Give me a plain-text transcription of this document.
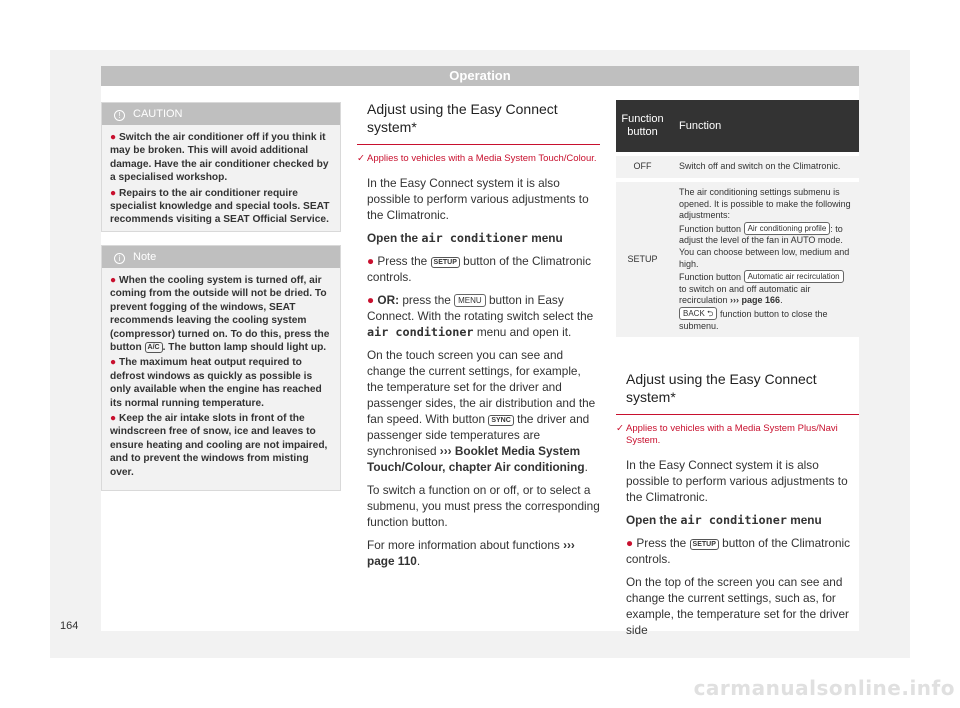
Operation
! CAUTION

● Switch the air conditioner off if you think it may be broken. This will avoid additional damage. Have the air conditioner checked by a specialised workshop.

● Repairs to the air conditioner require specialist knowledge and special tools. SEAT recommends visiting a SEAT Official Service.

i Note

● When the cooling system is turned off, air coming from the outside will not be dried. To prevent fogging of the windows, SEAT recommends leaving the cooling system (compressor) turned on. To do this, press the button A/C . The button lamp should light up.

● The maximum heat output required to defrost windows as quickly as possible is only available when the engine has reached its normal running temperature.

● Keep the air intake slots in front of the windscreen free of snow, ice and leaves to ensure heating and cooling are not impaired, and to prevent the windows from misting over.

Adjust using the Easy Connect system*
✓ Applies to vehicles with a Media System Touch/Colour.

In the Easy Connect system it is also possible to perform various adjustments to the Climatronic.

Open the air conditioner menu

● Press the SETUP button of the Climatronic controls.

● OR: press the MENU button in Easy Connect. With the rotating switch select the air conditioner menu and open it.

On the touch screen you can see and change the current settings, for example, the temperature set for the driver and passenger sides, the air distribution and the fan speed. With button SYNC the driver and passenger side temperatures are synchronised ››› Booklet Media System Touch/Colour, chapter Air conditioning.

To switch a function on or off, or to select a submenu, you must press the corresponding function button.

For more information about functions ››› page 110.

Function button	Function
OFF	Switch off and switch on the Climatronic.
SETUP	The air conditioning settings submenu is opened. It is possible to make the following adjustments:
Function button Air conditioning profile : to adjust the level of the fan in AUTO mode. You can choose between low, medium and high.
Function button Automatic air recirculation to switch on and off automatic air recirculation ››› page 166.
BACK ⮌ function button to close the submenu.
Adjust using the Easy Connect system*
✓ Applies to vehicles with a Media System Plus/Navi System.

In the Easy Connect system it is also possible to perform various adjustments to the Climatronic.

Open the air conditioner menu

● Press the SETUP button of the Climatronic controls.

On the top of the screen you can see and change the current settings, such as, for example, the temperature set for the driver side

164
carmanualsonline.info
